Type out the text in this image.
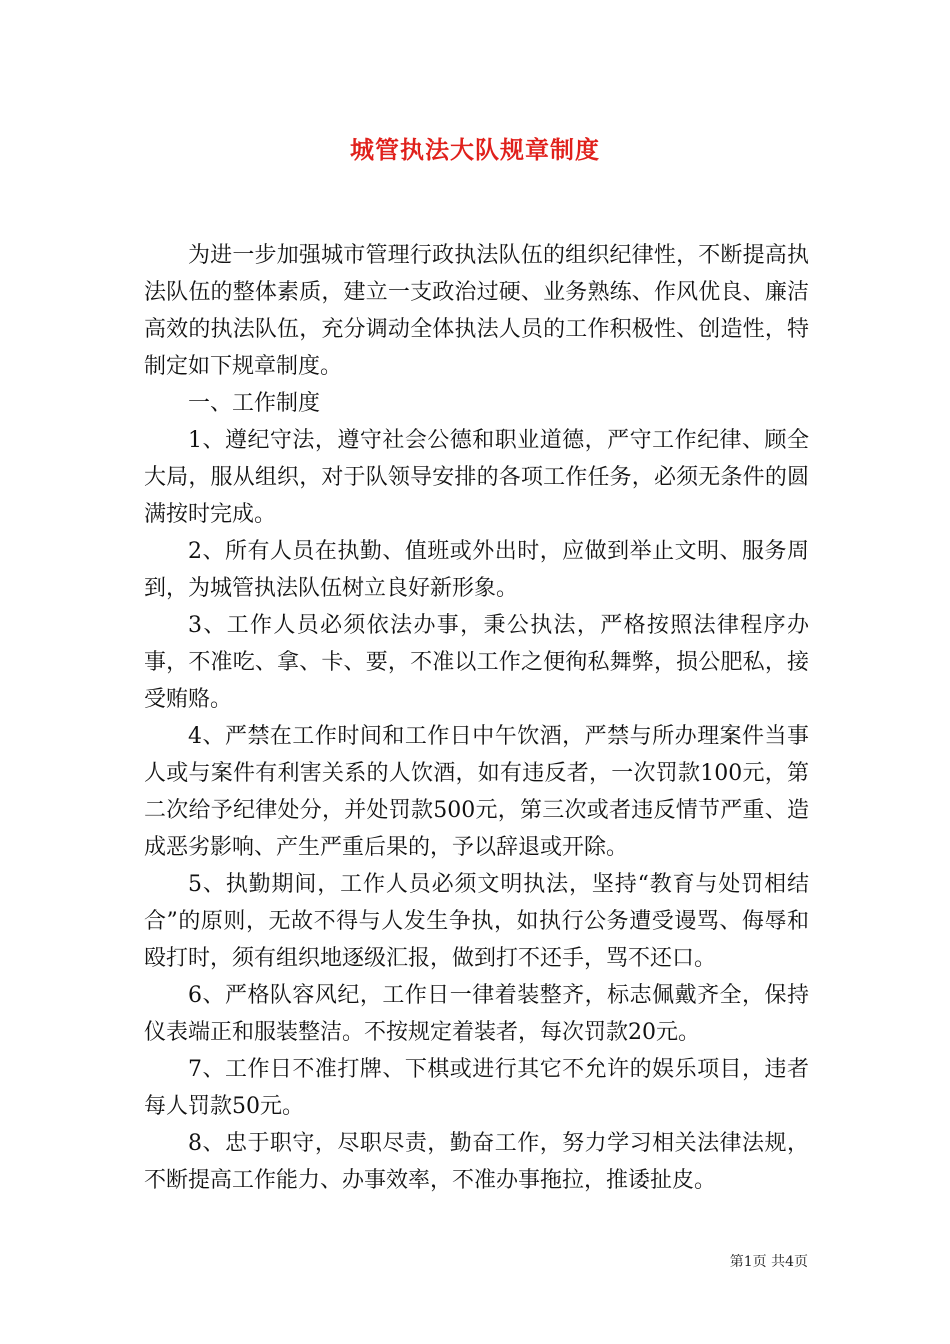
城管执法大队规章制度

为进一步加强城市管理行政执法队伍的组织纪律性，不断提高执法队伍的整体素质，建立一支政治过硬、业务熟练、作风优良、廉洁高效的执法队伍，充分调动全体执法人员的工作积极性、创造性，特制定如下规章制度。

一、工作制度

1、遵纪守法，遵守社会公德和职业道德，严守工作纪律、顾全大局，服从组织，对于队领导安排的各项工作任务，必须无条件的圆满按时完成。

2、所有人员在执勤、值班或外出时，应做到举止文明、服务周到，为城管执法队伍树立良好新形象。

3、工作人员必须依法办事，秉公执法，严格按照法律程序办事，不准吃、拿、卡、要，不准以工作之便徇私舞弊，损公肥私，接受贿赂。

4、严禁在工作时间和工作日中午饮酒，严禁与所办理案件当事人或与案件有利害关系的人饮酒，如有违反者，一次罚款100元，第二次给予纪律处分，并处罚款500元，第三次或者违反情节严重、造成恶劣影响、产生严重后果的，予以辞退或开除。

5、执勤期间，工作人员必须文明执法，坚持“教育与处罚相结合”的原则，无故不得与人发生争执，如执行公务遭受谩骂、侮辱和殴打时，须有组织地逐级汇报，做到打不还手，骂不还口。

6、严格队容风纪，工作日一律着装整齐，标志佩戴齐全，保持仪表端正和服装整洁。不按规定着装者，每次罚款20元。

7、工作日不准打牌、下棋或进行其它不允许的娱乐项目，违者每人罚款50元。

8、忠于职守，尽职尽责，勤奋工作，努力学习相关法律法规，不断提高工作能力、办事效率，不准办事拖拉，推诿扯皮。

第1页 共4页
